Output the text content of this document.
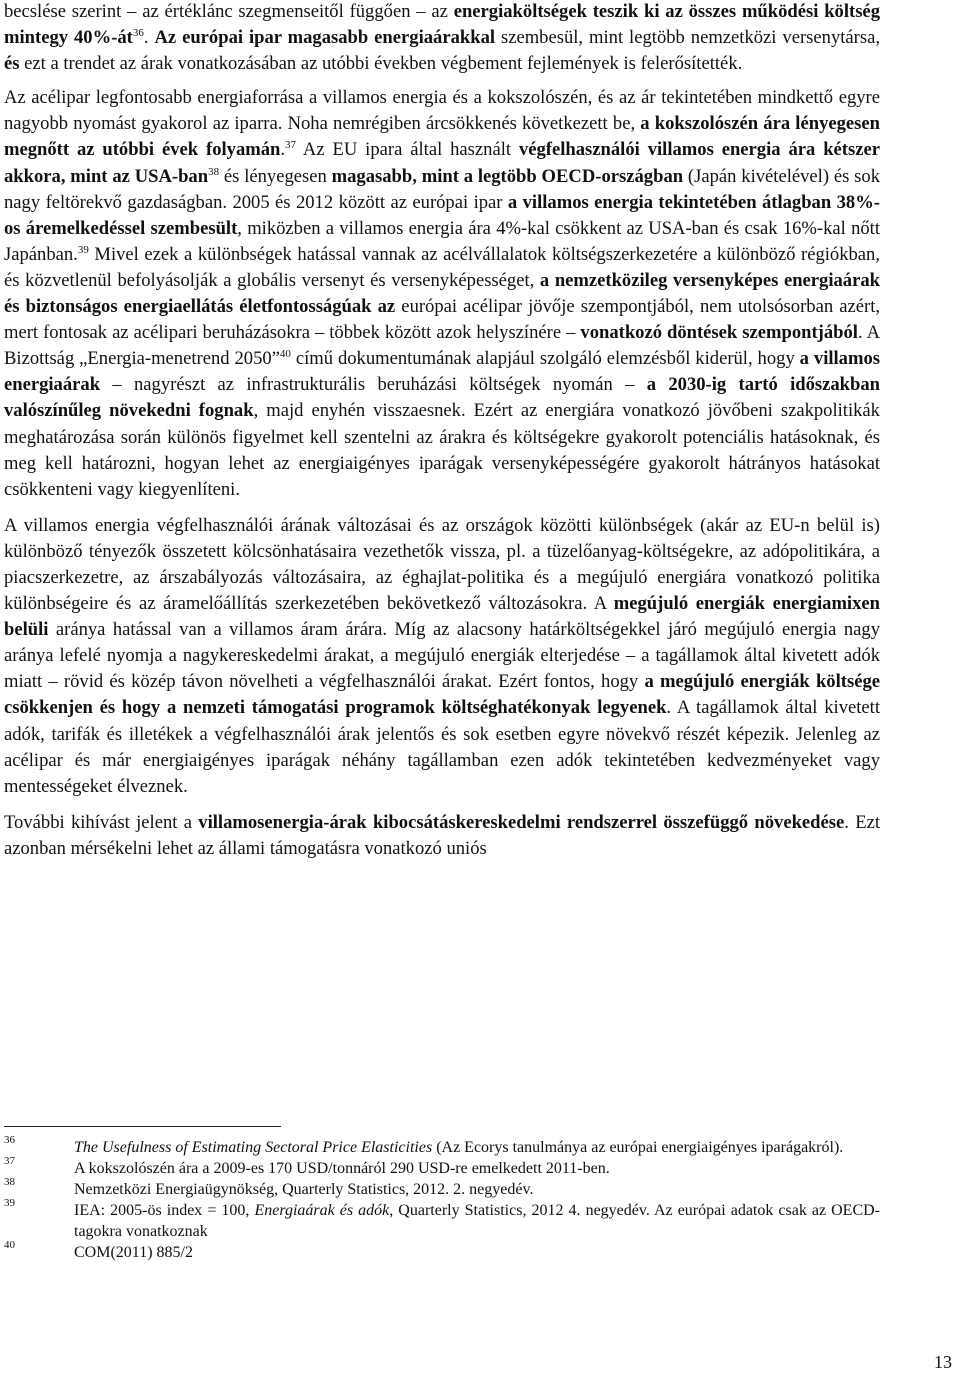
becslése szerint – az értéklánc szegmenseitől függően – az energiaköltségek teszik ki az összes működési költség mintegy $40\%-át^{36}$. Az európai ipar magasabb energiaárakkal szembesül, mint legtöbb nemzetközi versenytársa, és ezt a trendet az árak vonatkozásában az utóbbi években végbement fejlemények is felerősítették.

Az acélipar legfontosabb energiaforrása a villamos energia és a kokszolószén, és az ár tekintetében mindkettő egyre nagyobb nyomást gyakorol az iparra. Noha nemrégiben árcsökkenés következett be, a kokszolószén ára lényegesen megnőtt az utóbbi évek folyamán.$^{37}$ Az EU ipara által használt végfelhasználói villamos energia ára kétszer akkora, mint az USA-ban$^{38}$ és lényegesen magasabb, mint a legtöbb OECD-országban (Japán kivételével) és sok nagy feltörekvő gazdaságban. 2005 és 2012 között az európai ipar a villamos energia tekintetében átlagban 38%-os áremelkedéssel szembesült, miközben a villamos energia ára 4%-kal csökkent az USA-ban és csak 16%-kal nőtt Japánban.$^{39}$ Mivel ezek a különbségek hatással vannak az acélvállalatok költségszerkezetére a különböző régiókban, és közvetlenül befolyásolják a globális versenyt és versenyképességet, a nemzetközileg versenyképes energiaárak és biztonságos energiaellátás életfontosságúak az európai acélipar jövője szempontjából, nem utolsósorban azért, mert fontosak az acélipari beruházásokra – többek között azok helyszínére – vonatkozó döntések szempontjából. A Bizottság „Energia-menetrend 2050”$^{40}$ című dokumentumának alapjául szolgáló elemzésből kiderül, hogy a villamos energiaárak – nagyrészt az infrastrukturális beruházási költségek nyomán – a 2030-ig tartó időszakban valószínűleg növekedni fognak, majd enyhén visszaesnek. Ezért az energiára vonatkozó jövőbeni szakpolitikák meghatározása során különös figyelmet kell szentelni az árakra és költségekre gyakorolt potenciális hatásoknak, és meg kell határozni, hogyan lehet az energiaigényes iparágak versenyképességére gyakorolt hátrányos hatásokat csökkenteni vagy kiegyenlíteni.

A villamos energia végfelhasználói árának változásai és az országok közötti különbségek (akár az EU-n belül is) különböző tényezők összetett kölcsönhatásaira vezethetők vissza, pl. a tüzelőanyag-költségekre, az adópolitikára, a piacszerkezetre, az árszabályozás változásaira, az éghajlat-politika és a megújuló energiára vonatkozó politika különbségeire és az áramelőállítás szerkezetében bekövetkező változásokra. A megújuló energiák energiamixen belüli aránya hatással van a villamos áram árára. Míg az alacsony határköltségekkel járó megújuló energia nagy aránya lefelé nyomja a nagykereskedelmi árakat, a megújuló energiák elterjedése – a tagállamok által kivetett adók miatt – rövid és közép távon növelheti a végfelhasználói árakat. Ezért fontos, hogy a megújuló energiák költsége csökkenjen és hogy a nemzeti támogatási programok költséghatékonyak legyenek. A tagállamok által kivetett adók, tarifák és illetékek a végfelhasználói árak jelentős és sok esetben egyre növekvő részét képezik. Jelenleg az acélipar és már energiaigényes iparágak néhány tagállamban ezen adók tekintetében kedvezményeket vagy mentességeket élveznek.

További kihívást jelent a villamosenergia-árak kibocsátáskereskedelmi rendszerrel összefüggő növekedése. Ezt azonban mérsékelni lehet az állami támogatásra vonatkozó uniós

36	The Usefulness of Estimating Sectoral Price Elasticities (Az Ecorys tanulmánya az európai energiaigényes iparágakról).
37	A kokszolószén ára a 2009-es 170 USD/tonnáról 290 USD-re emelkedett 2011-ben.
38	Nemzetközi Energiaügynökség, Quarterly Statistics, 2012. 2. negyedév.
39	IEA: 2005-ös index = 100, Energiaárak és adók, Quarterly Statistics, 2012 4. negyedév. Az európai adatok csak az OECD-tagokra vonatkoznak
40	COM(2011) 885/2
13
